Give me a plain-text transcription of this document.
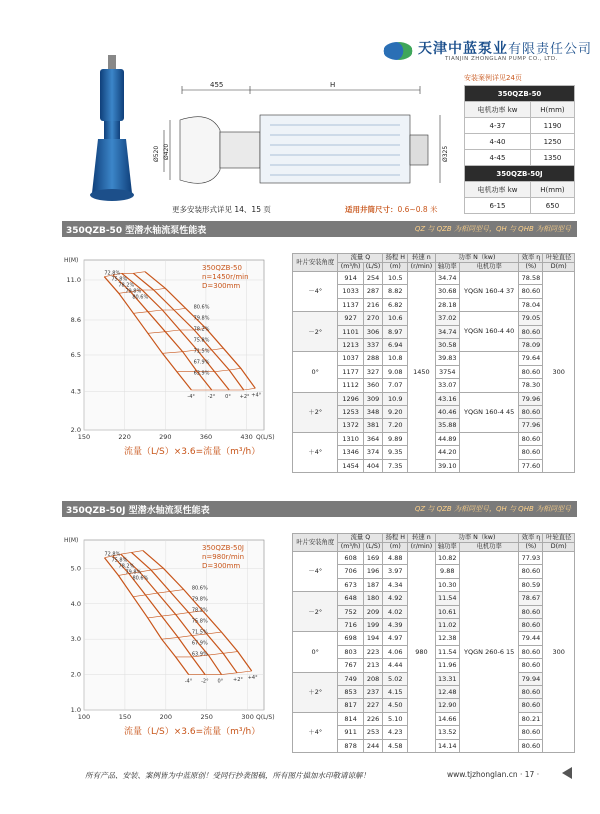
天津中蓝泵业有限责任公司
TIANJIN ZHONGLAN PUMP CO., LTD.
455	H
Ø520 Ø420	Ø325
更多安装形式详见 14、15 页	适用井筒尺寸：0.6~0.8 米
安装案例详见24页
350QZB-50	
电机功率 kw	H(mm)
4-37	1190
4-40	1250
4-45	1350
350QZB-50J	
电机功率 kw	H(mm)
6-15	650
350QZB-50 型潜水轴流泵性能表	QZ 与 QZB 为相同型号，QH 与 QHB 为相同型号
11.0
8.6
6.5
4.3
2.0
150	220	290	360	430
H(M)
Q(L/S)
72.8%
75.8%
78.2%
79.8%
80.6%
80.6%
79.8%
78.2%
75.8%
71.5%
67.9%
63.9%
-4°	-2° 0° +2° +4°
350QZB-50
n=1450r/min
D=300mm
流量（L/S）×3.6=流量（m³/h）
叶片安装角度	流量 Q		扬程 H	转速 n	功率 N（kw)		效率 η	叶轮直径
	(m³/h)	(L/S)	(m)	(r/min)	轴功率	电机功率	(%)	D(m)
－4°	914	254	10.5	1450	34.74	YQGN 160-4 37	78.58	300
	1033	287	8.82		30.68		80.60	
	1137	216	6.82		28.18		78.04	
－2°	927	270	10.6		37.02	YQGN 160-4 40	79.05	
	1101	306	8.97		34.74		80.60	
	1213	337	6.94		30.58		78.09	
0°	1037	288	10.8		39.83		79.64	
	1177	327	9.08		3754		80.60	
	1112	360	7.07		33.07		78.30	
＋2°	1296	309	10.9		43.16	YQGN 160-4 45	79.96	
	1253	348	9.20		40.46		80.60	
	1372	381	7.20		35.88		77.96	
＋4°	1310	364	9.89		44.89		80.60	
	1346	374	9.35		44.20		80.60	
	1454	404	7.35		39.10		77.60	
350QZB-50J 型潜水轴流泵性能表	QZ 与 QZB 为相同型号，QH 与 QHB 为相同型号
5.0
4.0
3.0
2.0
1.0
100	150	200	250	300
H(M)
Q(L/S)
72.8%
75.8%
78.2%
79.8%
80.6%
80.6%
79.8%
78.2%
75.8%
71.5%
67.9%
63.9%
-4° -2° 0° +2° +4°
350QZB-50J
n=980r/min
D=300mm
流量（L/S）×3.6=流量（m³/h）
叶片安装角度	流量 Q		扬程 H	转速 n	功率 N（kw)		效率 η	叶轮直径
	(m³/h)	(L/S)	(m)	(r/min)	轴功率	电机功率	(%)	D(m)
－4°	608	169	4.88	980	10.82	YQGN 260-6 15	77.93	300
	706	196	3.97		9.88		80.60	
	673	187	4.34		10.30		80.59	
－2°	648	180	4.92		11.54		78.67	
	752	209	4.02		10.61		80.60	
	716	199	4.39		11.02		80.60	
0°	698	194	4.97		12.38		79.44	
	803	223	4.06		11.54		80.60	
	767	213	4.44		11.96		80.60	
＋2°	749	208	5.02		13.31		79.94	
	853	237	4.15		12.48		80.60	
	817	227	4.50		12.90		80.60	
＋4°	814	226	5.10		14.66		80.21	
	911	253	4.23		13.52		80.60	
	878	244	4.58		14.14		80.60	
所有产品、安装、案例皆为中蓝原创！受同行抄袭图稿，所有图片描加水印敬请谅解！	www.tjzhonglan.cn · 17 ·
